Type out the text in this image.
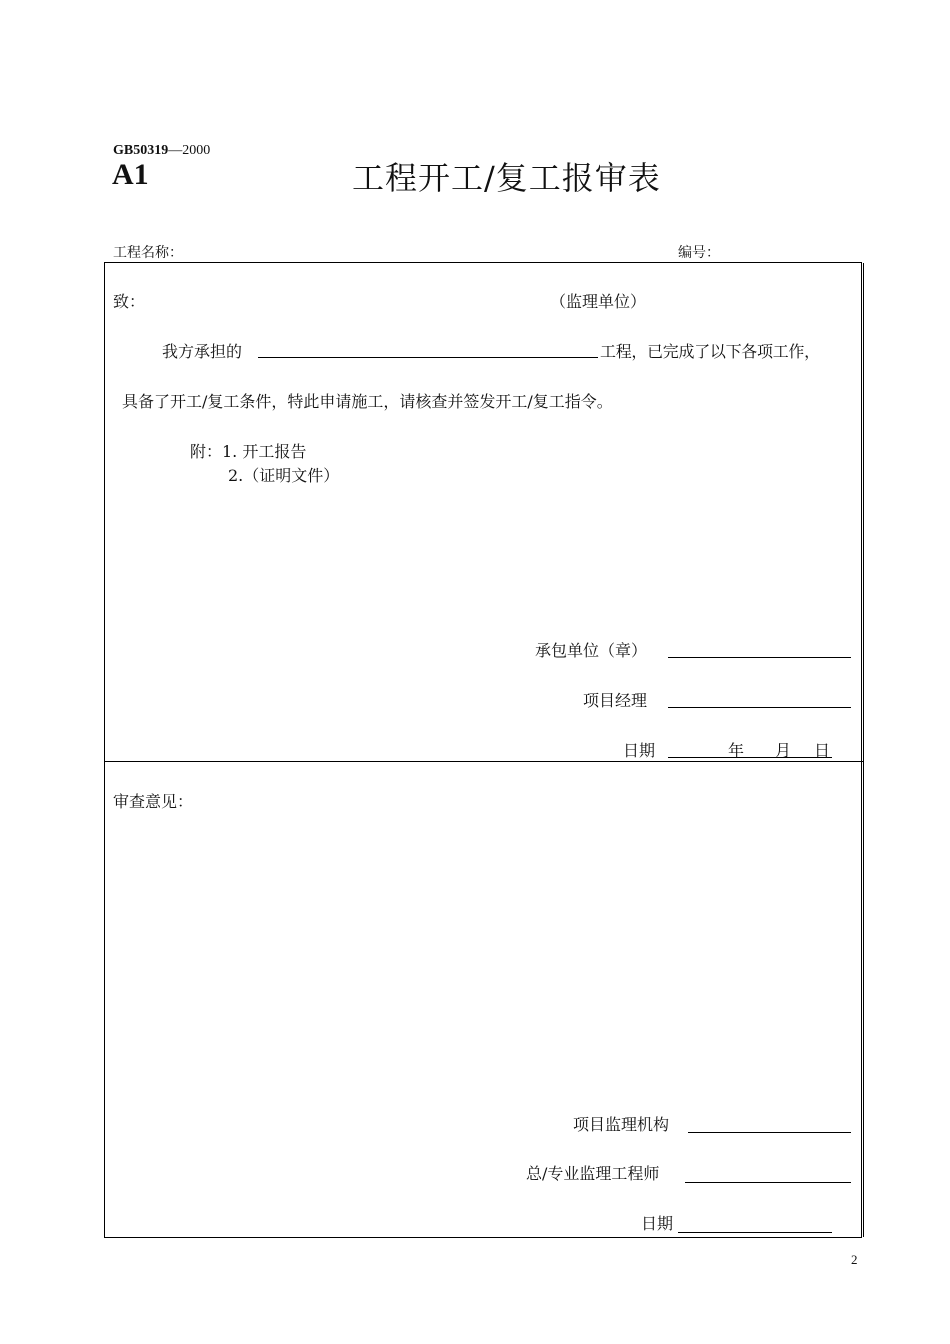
GB50319—2000
A1	工程开工/复工报审表
工程名称：	编号：
致：	（监理单位）
我方承担的	工程，已完成了以下各项工作，
具备了开工/复工条件，特此申请施工，请核查并签发开工/复工指令。
附：1. 开工报告
2.（证明文件）
承包单位（章）
项目经理
日期	年 月 日
审查意见：
项目监理机构
总/专业监理工程师
日期
2
